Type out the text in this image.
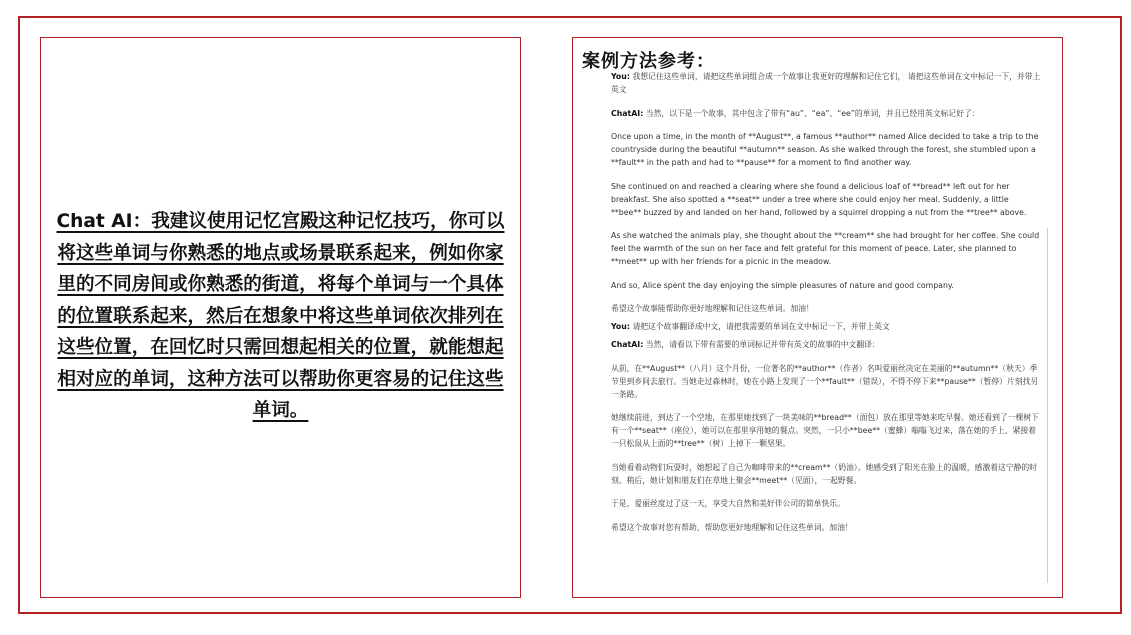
Chat AI：我建议使用记忆宫殿这种记忆技巧，你可以将这些单词与你熟悉的地点或场景联系起来，例如你家里的不同房间或你熟悉的街道，将每个单词与一个具体的位置联系起来，然后在想象中将这些单词依次排列在这些位置，在回忆时只需回想起相关的位置，就能想起相对应的单词，这种方法可以帮助你更容易的记住这些单词。
案例方法参考：

You: 我想记住这些单词，请把这些单词组合成一个故事让我更好的理解和记住它们， 请把这些单词在文中标记一下，并带上英文

ChatAI: 当然，以下是一个故事，其中包含了带有“au”、“ea”、“ee”的单词，并且已经用英文标记好了：

Once upon a time, in the month of **August**, a famous **author** named Alice decided to take a trip to the countryside during the beautiful **autumn** season. As she walked through the forest, she stumbled upon a **fault** in the path and had to **pause** for a moment to find another way.

She continued on and reached a clearing where she found a delicious loaf of **bread** left out for her breakfast. She also spotted a **seat** under a tree where she could enjoy her meal. Suddenly, a little **bee** buzzed by and landed on her hand, followed by a squirrel dropping a nut from the **tree** above.

As she watched the animals play, she thought about the **cream** she had brought for her coffee. She could feel the warmth of the sun on her face and felt grateful for this moment of peace. Later, she planned to **meet** up with her friends for a picnic in the meadow.

And so, Alice spent the day enjoying the simple pleasures of nature and good company.

希望这个故事能帮助你更好地理解和记住这些单词。加油！

You: 请把这个故事翻译成中文，请把我需要的单词在文中标记一下，并带上英文

ChatAI: 当然，请看以下带有需要的单词标记并带有英文的故事的中文翻译：

从前，在**August**（八月）这个月份，一位著名的**author**（作者）名叫爱丽丝决定在美丽的**autumn**（秋天）季节里到乡间去旅行。当她走过森林时，她在小路上发现了一个**fault**（错误），不得不停下来**pause**（暂停）片刻找另一条路。

她继续前进，到达了一个空地，在那里她找到了一块美味的**bread**（面包）放在那里等她来吃早餐。她还看到了一棵树下有一个**seat**（座位），她可以在那里享用她的餐点。突然，一只小**bee**（蜜蜂）嗡嗡飞过来，落在她的手上，紧接着一只松鼠从上面的**tree**（树）上掉下一颗坚果。

当她看着动物们玩耍时，她想起了自己为咖啡带来的**cream**（奶油）。她感受到了阳光在脸上的温暖，感激着这宁静的时刻。稍后，她计划和朋友们在草地上聚会**meet**（见面），一起野餐。

于是，爱丽丝度过了这一天，享受大自然和美好伴公司的简单快乐。

希望这个故事对您有帮助，帮助您更好地理解和记住这些单词。加油！
